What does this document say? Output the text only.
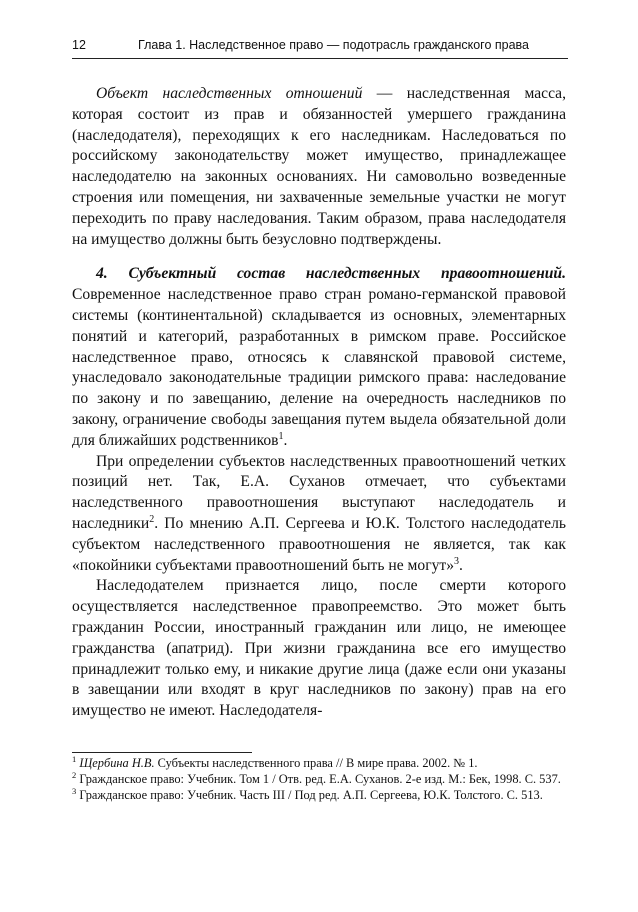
12	Глава 1. Наследственное право — подотрасль гражданского права

Объект наследственных отношений — наследственная масса, которая состоит из прав и обязанностей умершего гражданина (наследодателя), переходящих к его наследникам. Наследоваться по российскому законодательству может имущество, принадлежащее наследодателю на законных основаниях. Ни самовольно возведенные строения или помещения, ни захваченные земельные участки не могут переходить по праву наследования. Таким образом, права наследодателя на имущество должны быть безусловно подтверждены.

4. Субъектный состав наследственных правоотношений. Современное наследственное право стран романо-германской правовой системы (континентальной) складывается из основных, элементарных понятий и категорий, разработанных в римском праве. Российское наследственное право, относясь к славянской правовой системе, унаследовало законодательные традиции римского права: наследование по закону и по завещанию, деление на очередность наследников по закону, ограничение свободы завещания путем выдела обязательной доли для ближайших родственников$^1$.

При определении субъектов наследственных правоотношений четких позиций нет. Так, Е.А. Суханов отмечает, что субъектами наследственного правоотношения выступают наследодатель и наследники$^2$. По мнению А.П. Сергеева и Ю.К. Толстого наследодатель субъектом наследственного правоотношения не является, так как «покойники субъектами правоотношений быть не могут»$^3$.

Наследодателем признается лицо, после смерти которого осуществляется наследственное правопреемство. Это может быть гражданин России, иностранный гражданин или лицо, не имеющее гражданства (апатрид). При жизни гражданина все его имущество принадлежит только ему, и никакие другие лица (даже если они указаны в завещании или входят в круг наследников по закону) прав на его имущество не имеют. Наследодателя-

$^1$ Щербина Н.В. Субъекты наследственного права // В мире права. 2002. № 1.

$^2$ Гражданское право: Учебник. Том 1 / Отв. ред. Е.А. Суханов. 2-е изд. М.: Бек, 1998. С. 537.

$^3$ Гражданское право: Учебник. Часть III / Под ред. А.П. Сергеева, Ю.К. Толстого. С. 513.
